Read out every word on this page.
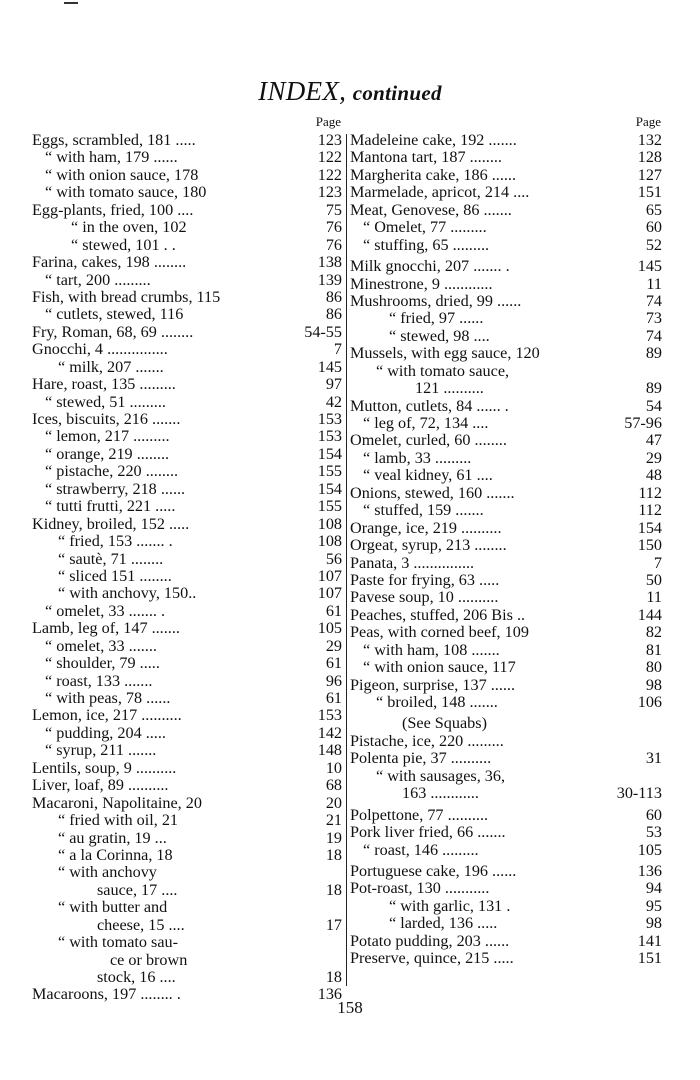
INDEX, continued
Page
Eggs, scrambled, 181 .....	123
“ with ham, 179 ......	122
“ with onion sauce, 178	122
“ with tomato sauce, 180	123
Egg-plants, fried, 100 ....	75
“ in the oven, 102	76
“ stewed, 101 . .	76
Farina, cakes, 198 ........	138
“ tart, 200 .........	139
Fish, with bread crumbs, 115	86
“ cutlets, stewed, 116	86
Fry, Roman, 68, 69 ........	54-55
Gnocchi, 4 ...............	7
“ milk, 207 .......	145
Hare, roast, 135 .........	97
“ stewed, 51 .........	42
Ices, biscuits, 216 .......	153
“ lemon, 217 .........	153
“ orange, 219 ........	154
“ pistache, 220 ........	155
“ strawberry, 218 ......	154
“ tutti frutti, 221 .....	155
Kidney, broiled, 152 .....	108
“ fried, 153 ....... .	108
“ sautè, 71 ........	56
“ sliced 151 ........	107
“ with anchovy, 150..	107
“ omelet, 33 ....... .	61
Lamb, leg of, 147 .......	105
“ omelet, 33 .......	29
“ shoulder, 79 .....	61
“ roast, 133 .......	96
“ with peas, 78 ......	61
Lemon, ice, 217 ..........	153
“ pudding, 204 .....	142
“ syrup, 211 .......	148
Lentils, soup, 9 ..........	10
Liver, loaf, 89 ..........	68
Macaroni, Napolitaine, 20	20
“ fried with oil, 21	21
“ au gratin, 19 ...	19
“ a la Corinna, 18	18
“ with anchovy
sauce, 17 ....	18
“ with butter and
cheese, 15 ....	17
“ with tomato sau-
ce or brown
stock, 16 ....	18
Macaroons, 197 ........ .	136
Page
Madeleine cake, 192 .......	132
Mantona tart, 187 ........	128
Margherita cake, 186 ......	127
Marmelade, apricot, 214 ....	151
Meat, Genovese, 86 .......	65
“ Omelet, 77 .........	60
“ stuffing, 65 .........	52
Milk gnocchi, 207 ....... .	145
Minestrone, 9 ............	11
Mushrooms, dried, 99 ......	74
“ fried, 97 ......	73
“ stewed, 98 ....	74
Mussels, with egg sauce, 120	89
“ with tomato sauce,
121 ..........	89
Mutton, cutlets, 84 ...... .	54
“ leg of, 72, 134 ....	57-96
Omelet, curled, 60 ........	47
“ lamb, 33 .........	29
“ veal kidney, 61 ....	48
Onions, stewed, 160 .......	112
“ stuffed, 159 .......	112
Orange, ice, 219 ..........	154
Orgeat, syrup, 213 ........	150
Panata, 3 ...............	7
Paste for frying, 63 .....	50
Pavese soup, 10 ..........	11
Peaches, stuffed, 206 Bis ..	144
Peas, with corned beef, 109	82
“ with ham, 108 .......	81
“ with onion sauce, 117	80
Pigeon, surprise, 137 ......	98
“ broiled, 148 .......	106
(See Squabs)
Pistache, ice, 220 .........
Polenta pie, 37 ..........	31
“ with sausages, 36,
163 ............	30-113
Polpettone, 77 ..........	60
Pork liver fried, 66 .......	53
“ roast, 146 .........	105
Portuguese cake, 196 ......	136
Pot-roast, 130 ...........	94
“ with garlic, 131 .	95
“ larded, 136 .....	98
Potato pudding, 203 ......	141
Preserve, quince, 215 .....	151
158
